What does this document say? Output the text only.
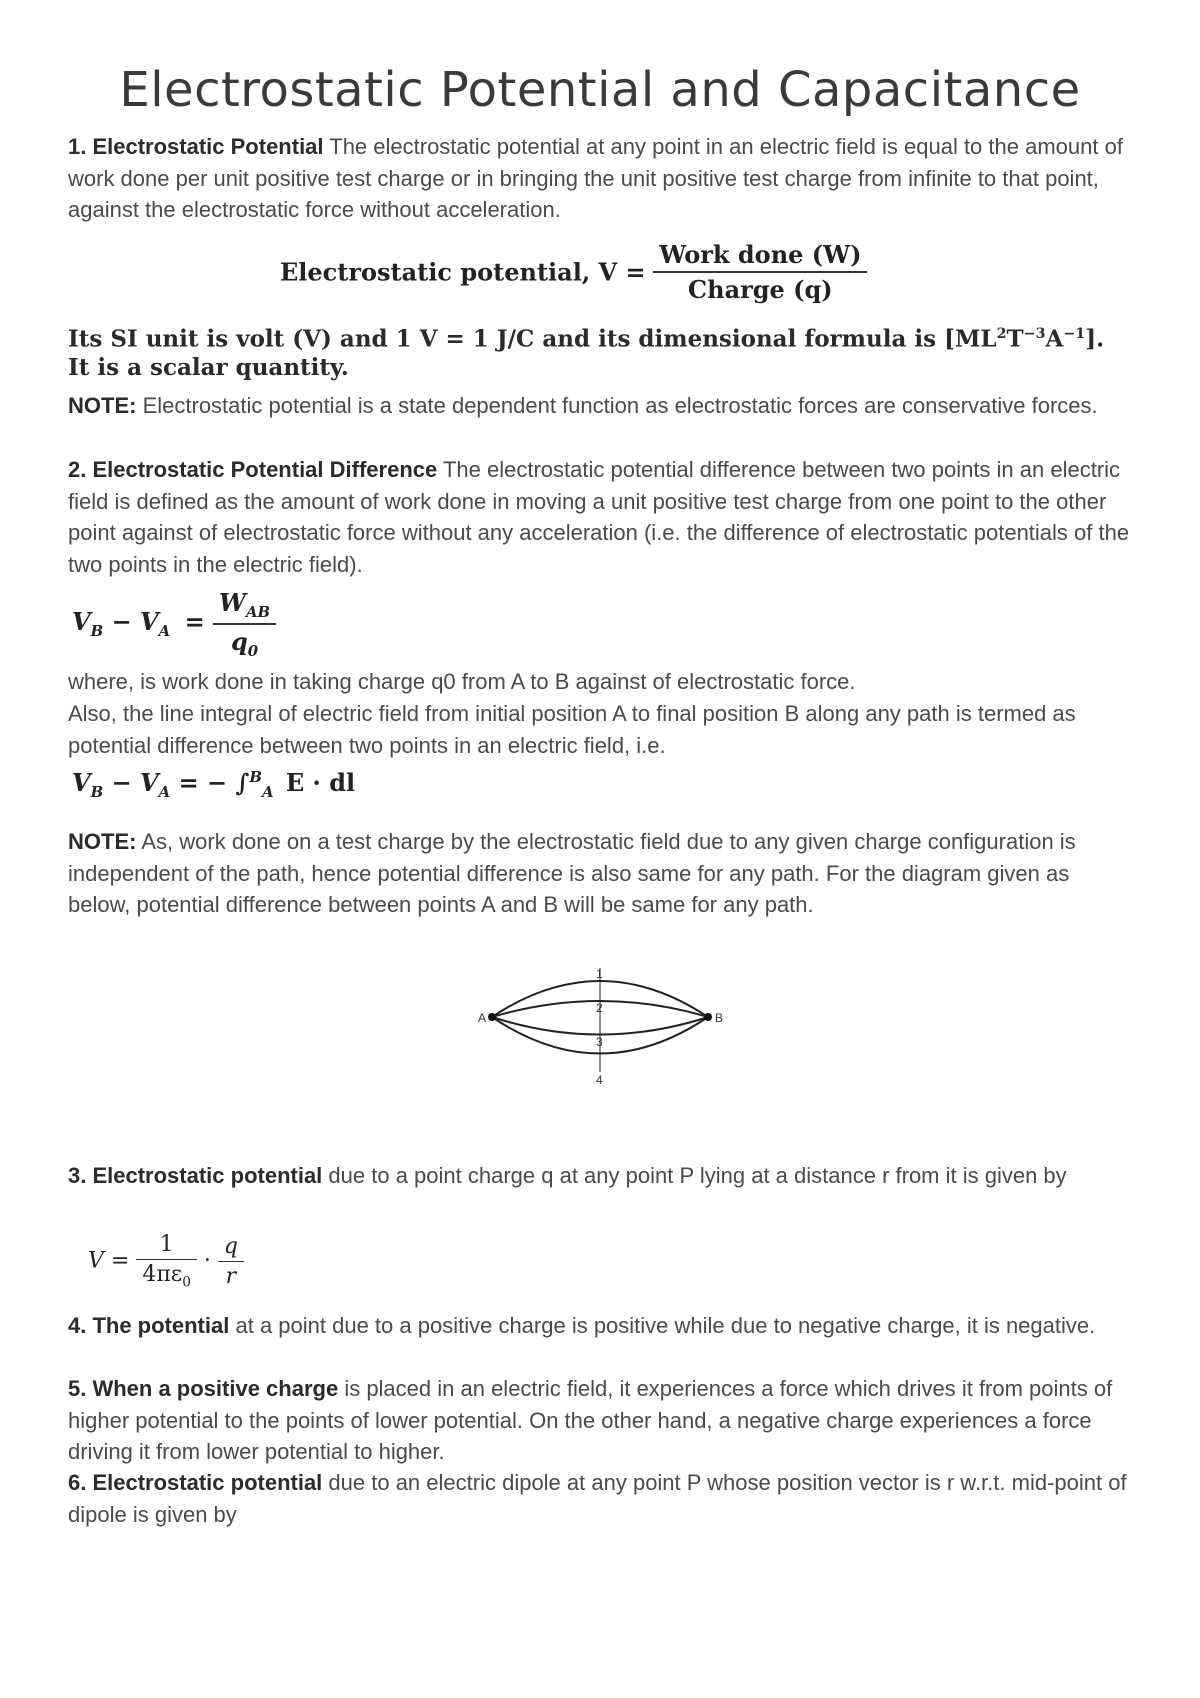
Electrostatic Potential and Capacitance
1. Electrostatic Potential The electrostatic potential at any point in an electric field is equal to the amount of work done per unit positive test charge or in bringing the unit positive test charge from infinite to that point, against the electrostatic force without acceleration.
Electrostatic potential, $V = \frac{\text{Work done (W)}}{\text{Charge (q)}}$
Its SI unit is volt (V) and 1 V = 1 J/C and its dimensional formula is $[ML^2T^{-3}A^{-1}]$.
It is a scalar quantity.
NOTE: Electrostatic potential is a state dependent function as electrostatic forces are conservative forces.
2. Electrostatic Potential Difference The electrostatic potential difference between two points in an electric field is defined as the amount of work done in moving a unit positive test charge from one point to the other point against of electrostatic force without any acceleration (i.e. the difference of electrostatic potentials of the two points in the electric field).
$V_B - V_A = \frac{W_{AB}}{q_0}$
where, is work done in taking charge q0 from A to B against of electrostatic force.
Also, the line integral of electric field from initial position A to final position B along any path is termed as potential difference between two points in an electric field, i.e.
$V_B - V_A$ = − ∫$^B_A$ E · dl
NOTE: As, work done on a test charge by the electrostatic field due to any given charge configuration is independent of the path, hence potential difference is also same for any path. For the diagram given as below, potential difference between points A and B will be same for any path.
A	B
1
2
3
4
3. Electrostatic potential due to a point charge q at any point P lying at a distance r from it is given by
$V = \frac{1}{4\pi\varepsilon_0} \cdot \frac{q}{r}$
4. The potential at a point due to a positive charge is positive while due to negative charge, it is negative.
5. When a positive charge is placed in an electric field, it experiences a force which drives it from points of higher potential to the points of lower potential. On the other hand, a negative charge experiences a force driving it from lower potential to higher.
6. Electrostatic potential due to an electric dipole at any point P whose position vector is r w.r.t. mid-point of dipole is given by
